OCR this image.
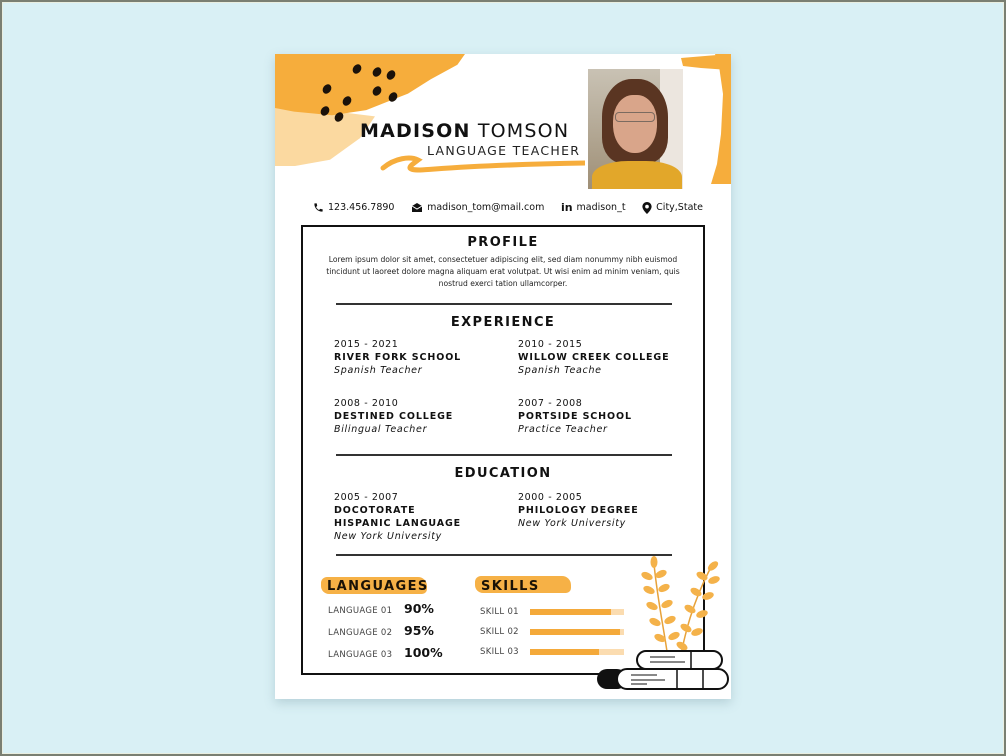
MADISON TOMSON
LANGUAGE TEACHER
123.456.7890	madison_tom@mail.com in madison_t	City,State
PROFILE
Lorem ipsum dolor sit amet, consectetuer adipiscing elit, sed diam nonummy nibh euismod tincidunt ut laoreet dolore magna aliquam erat volutpat. Ut wisi enim ad minim veniam, quis nostrud exerci tation ullamcorper.
EXPERIENCE
2015 - 2021
RIVER FORK SCHOOL
Spanish Teacher
2010 - 2015
WILLOW CREEK COLLEGE
Spanish Teache
2008 - 2010
DESTINED COLLEGE
Bilingual Teacher
2007 - 2008
PORTSIDE SCHOOL
Practice Teacher
EDUCATION
2005 - 2007
DOCOTORATE
HISPANIC LANGUAGE
New York University
2000 - 2005
PHILOLOGY DEGREE
New York University
LANGUAGES
LANGUAGE 01 90%
LANGUAGE 02 95%
LANGUAGE 03 100%
SKILLS
SKILL 01
SKILL 02
SKILL 03
